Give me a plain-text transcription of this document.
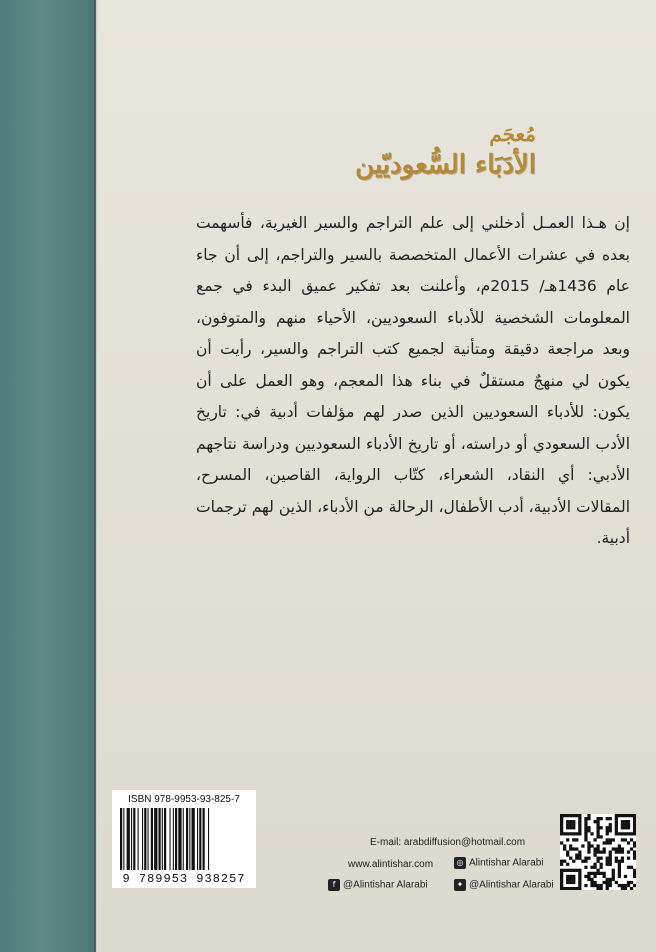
مُعجَم
الأدَبَاء السُّعوديّين
إن هـذا العمـل أدخلني إلى علم التراجم والسير الغيرية، فأسهمت بعده في عشرات الأعمال المتخصصة بالسير والتراجم، إلى أن جاء عام 1436هـ/ 2015م، وأعلنت بعد تفكير عميق البدء في جمع المعلومات الشخصية للأدباء السعوديين، الأحياء منهم والمتوفون، وبعد مراجعة دقيقة ومتأنية لجميع كتب التراجم والسير، رأيت أن يكون لي منهجٌ مستقلٌ في بناء هذا المعجم، وهو العمل على أن يكون: للأدباء السعوديين الذين صدر لهم مؤلفات أدبية في: تاريخ الأدب السعودي أو دراسته، أو تاريخ الأدباء السعوديين ودراسة نتاجهم الأدبي: أي النقاد، الشعراء، كتّاب الرواية، القاصين، المسرح، المقالات الأدبية، أدب الأطفال، الرحالة من الأدباء، الذين لهم ترجمات أدبية.
ISBN 978-9953-93-825-7
9 789953 938257
E-mail: arabdiffusion@hotmail.com
www.alintishar.com	◎ Alintishar Alarabi
f @Alintishar Alarabi	✦ @Alintishar Alarabi
